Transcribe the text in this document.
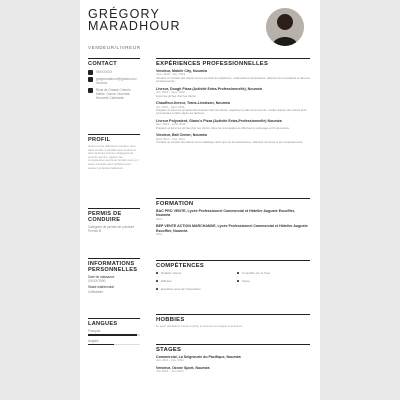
GRÉGORY
MARADHOUR
VENDEUR/LIVREUR
CONTACT
06XXXXXX
gregmaradhour@gmail.com / xxxxxxx
Rival de Grasse Chemin Mairie, Ducos, Nouméa, Nouvelle-Calédonie
PROFIL
Jeune et très talentueux vendeur, bien dans sa tête, il travaille avec sérieux et dans la bonne humeur. Engagement, sens du service, rigueur, les compétences seront au rendez-vous et il saura s'investir avec ambition pour évoluer professionnellement.
PERMIS DE CONDUIRE
Catégorie de permis de conduire
Permis B
INFORMATIONS PERSONNELLES
Date de naissance
XX/XX/1990
Statut matrimonial
Célibataire
LANGUES
Français
Anglais
EXPÉRIENCES PROFESSIONNELLES
Vendeur, Mobile City, Nouméa
Janv. 2018 – Nov. 2019
Vendeur en contact des clients sur les produits de téléphonie, multimédia et accessoires, effectuer les inventaires et faire les encaissements.
Livreur, Dough Pizza (Activité Extra-Professionnelle), Nouméa
Oct. 2016 – Janv. 2018
Livrer les pizzas chez les clients.
Chauffeur-livreur, Trans-Livraison, Nouméa
Avr. 2016 – Sept. 2016
Préparer et livrer les produits alimentaires chez les clients, organiser le plan de la tournée, vérifier auprès des clients leurs commandes et faire signer les factures.
Livreur Polyvalent, Giano's Pizza (Activité Extra-Professionnelle) Nouméa
Déc. 2014 – Janv. 2015
Préparer et livrer les pizzas chez les clients, prise de commandes et effectuer le nettoyage en fin de service.
Vendeur, Ball Center, Nouméa
Mars 2012 – Nov. 2013
Vendeur au contact des clients sur le catalogue ainsi que sur les accessoires, effectuer les devis et les encaissements.
FORMATION
BAC PRO VENTE, Lycée Professionnel Commercial et Hôtelier Auguste Escoffier, Nouméa
2014
BEP VENTE ACTION MARCHANDE, Lycée Professionnel Commercial et Hôtelier Auguste Escoffier, Nouméa
2012
COMPÉTENCES
Relation clients	Connaître sur le bout
Efficace	Vente
Excellent sens de l'orientation
HOBBIES
Le sport (football et course à pied), le cinéma, la musique et la lecture.
STAGES
Commercial, La Seigneurie du Pacifique, Nouméa
Jan. 2014 – Fév. 2014
Vendeur, Ozone Sport, Nouméa
Juin 2013 – Juin 2013
